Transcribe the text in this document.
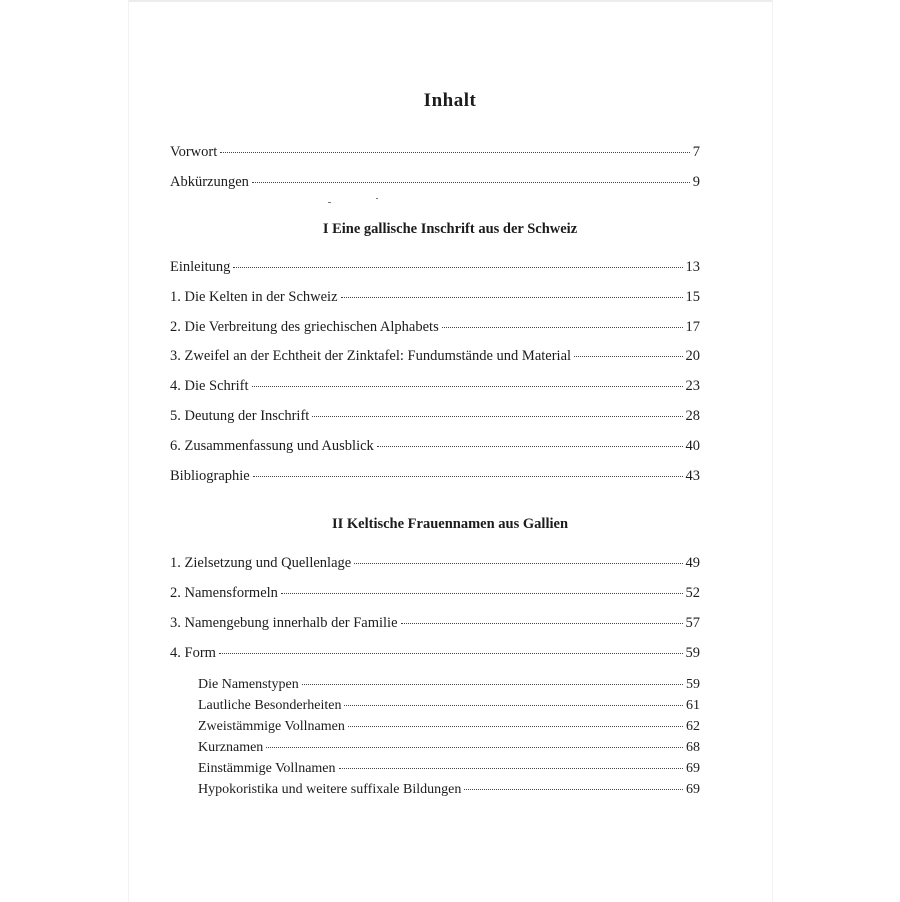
Inhalt
Vorwort	7
Abkürzungen	9
I Eine gallische Inschrift aus der Schweiz
Einleitung	13
1. Die Kelten in der Schweiz	15
2. Die Verbreitung des griechischen Alphabets	17
3. Zweifel an der Echtheit der Zinktafel: Fundumstände und Material	20
4. Die Schrift	23
5. Deutung der Inschrift	28
6. Zusammenfassung und Ausblick	40
Bibliographie	43
II Keltische Frauennamen aus Gallien
1. Zielsetzung und Quellenlage	49
2. Namensformeln	52
3. Namengebung innerhalb der Familie	57
4. Form	59
Die Namenstypen	59
Lautliche Besonderheiten	61
Zweistämmige Vollnamen	62
Kurznamen	68
Einstämmige Vollnamen	69
Hypokoristika und weitere suffixale Bildungen	69
